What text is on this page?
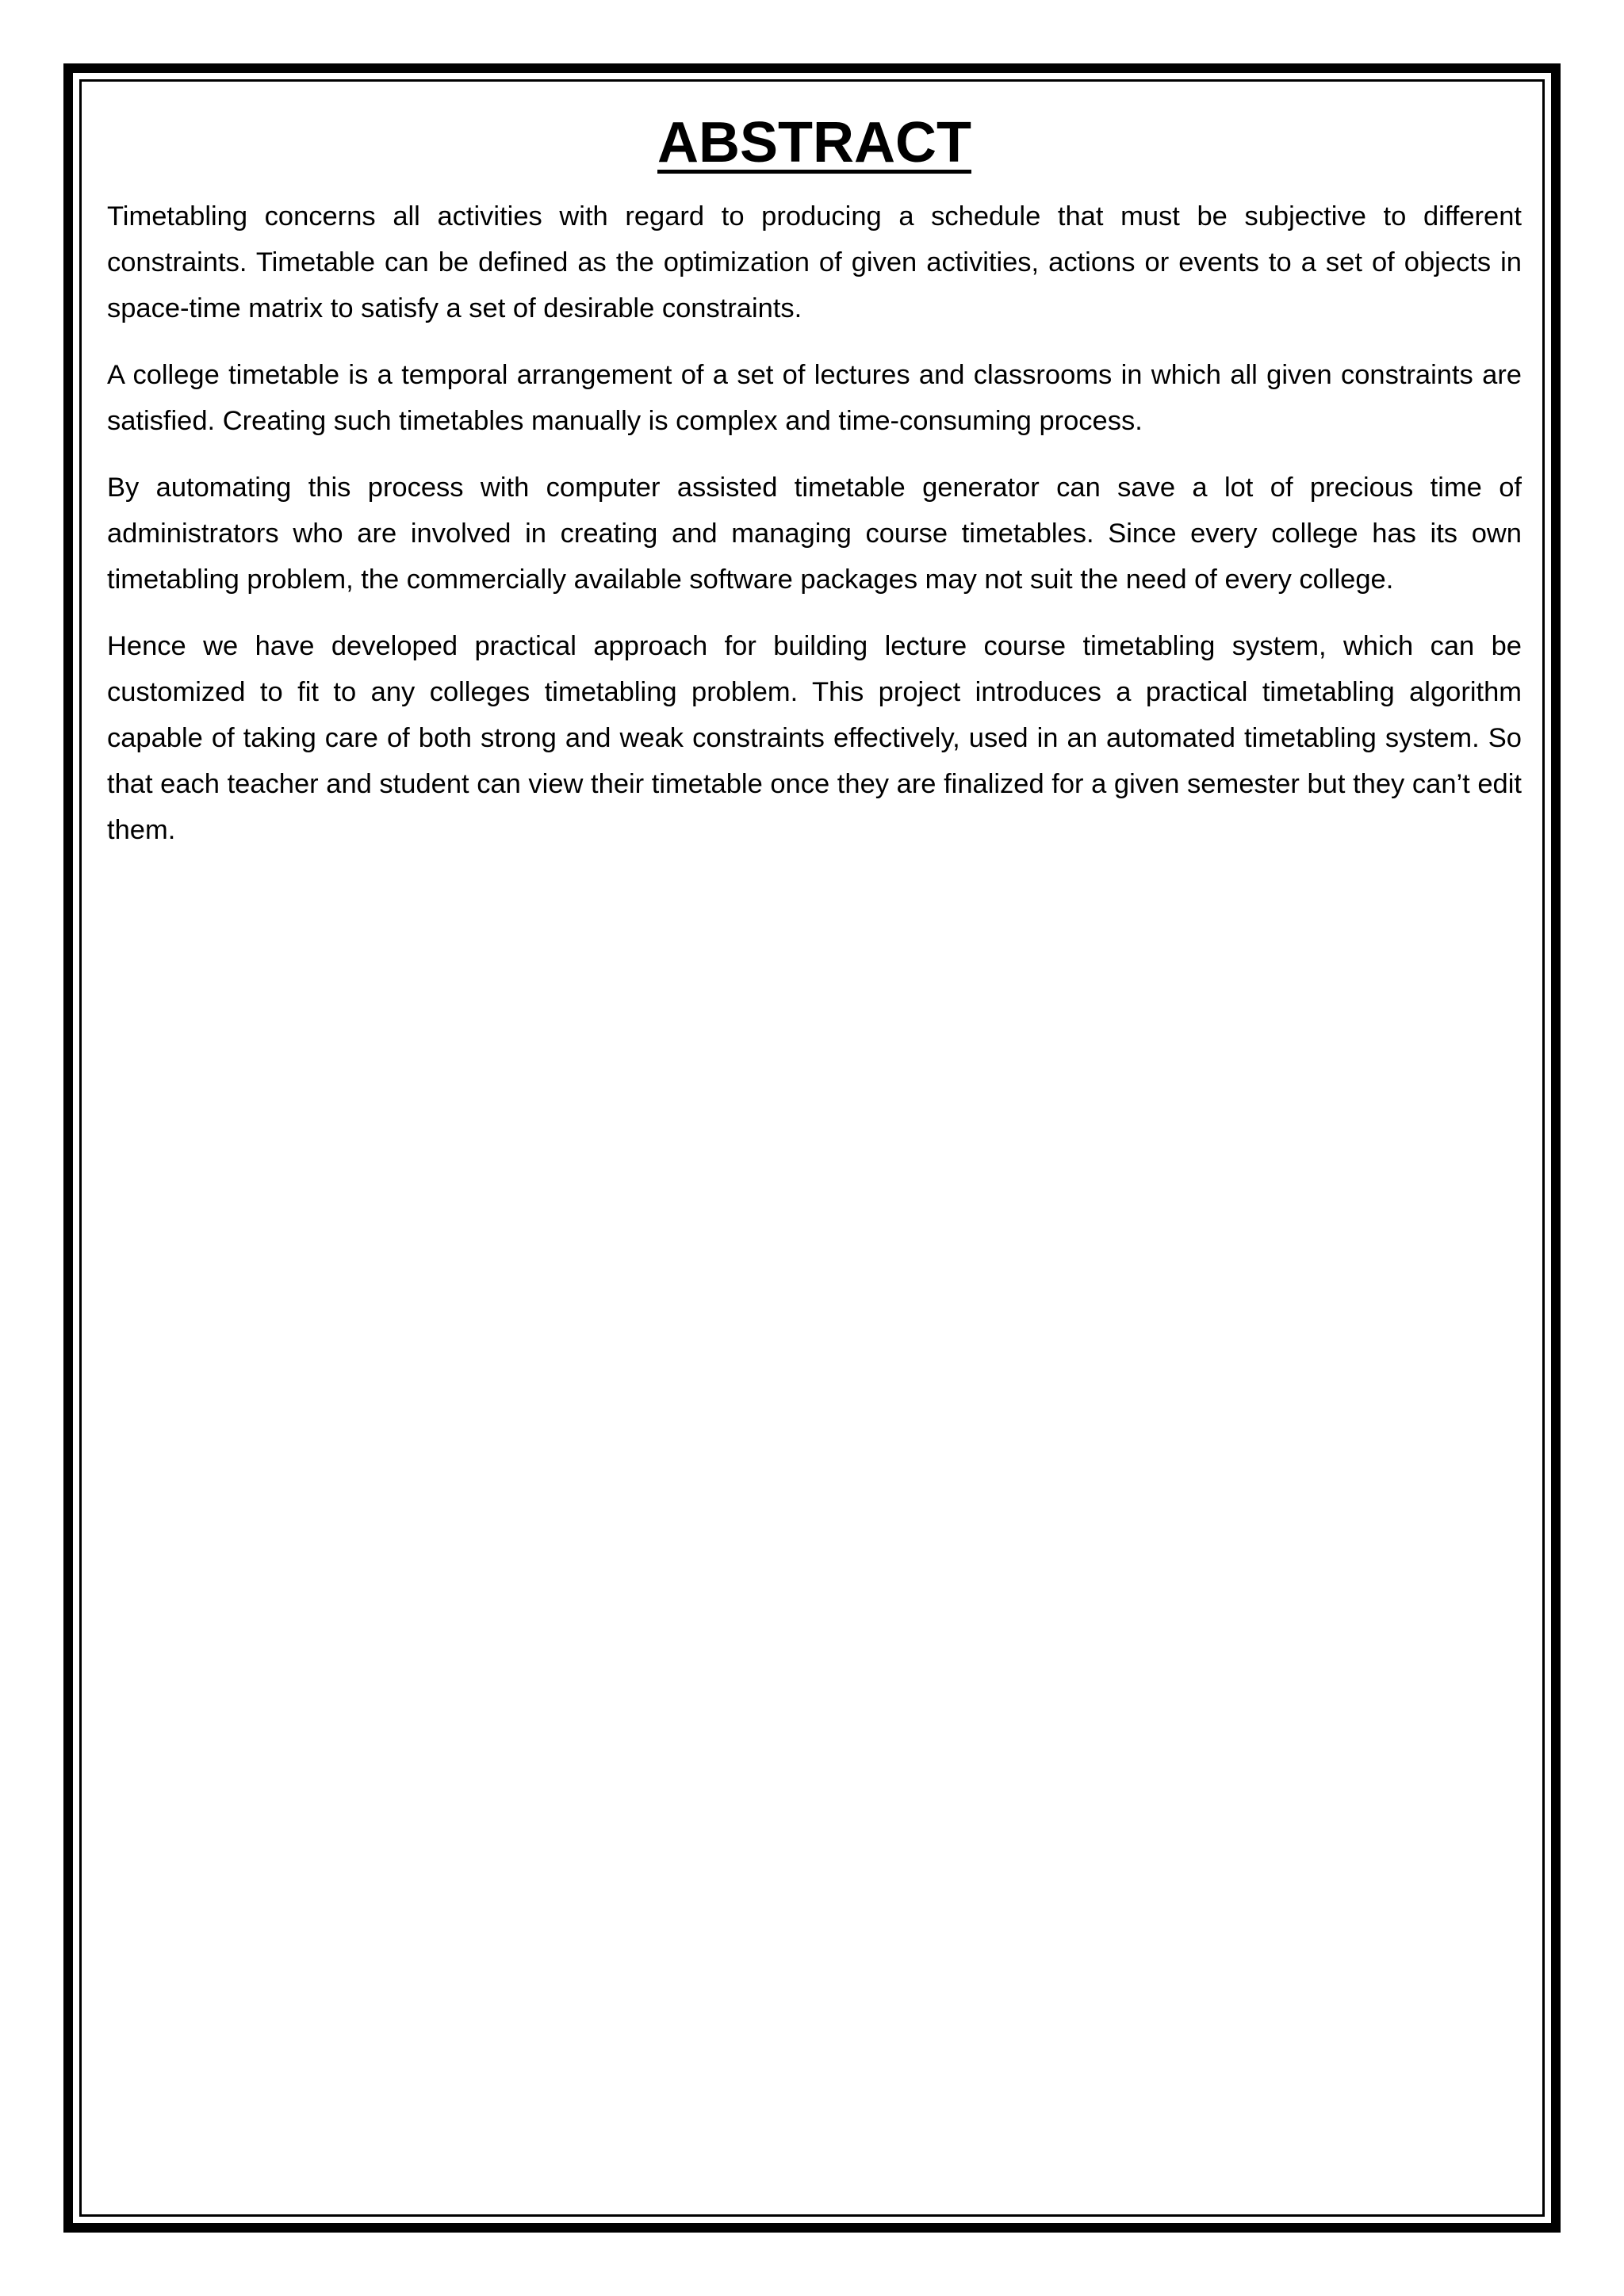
ABSTRACT

Timetabling concerns all activities with regard to producing a schedule that must be subjective to different constraints. Timetable can be defined as the optimization of given activities, actions or events to a set of objects in space-time matrix to satisfy a set of desirable constraints.

A college timetable is a temporal arrangement of a set of lectures and classrooms in which all given constraints are satisfied. Creating such timetables manually is complex and time-consuming process.

By automating this process with computer assisted timetable generator can save a lot of precious time of administrators who are involved in creating and managing course timetables. Since every college has its own timetabling problem, the commercially available software packages may not suit the need of every college.

Hence we have developed practical approach for building lecture course timetabling system, which can be customized to fit to any colleges timetabling problem. This project introduces a practical timetabling algorithm capable of taking care of both strong and weak constraints effectively, used in an automated timetabling system. So that each teacher and student can view their timetable once they are finalized for a given semester but they can’t edit them.
